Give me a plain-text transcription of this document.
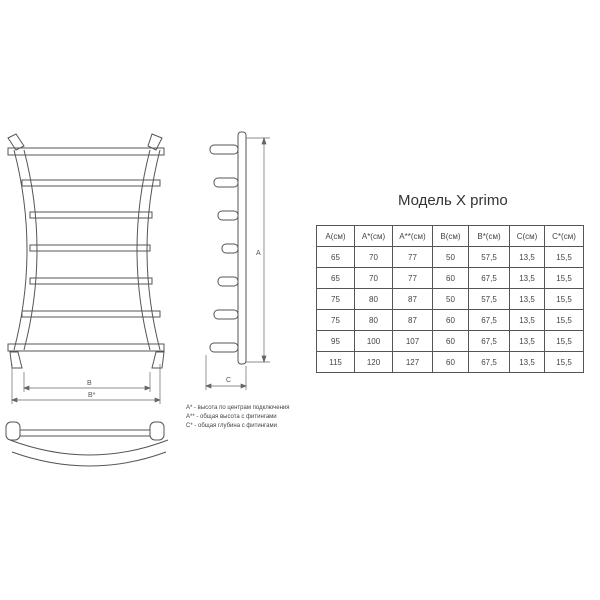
B
B*
A
C
Модель X primo
A(см)	A*(см)	A**(см)	B(см)	B*(см)	C(см)	C*(см)
65	70	77	50	57,5	13,5	15,5
65	70	77	60	67,5	13,5	15,5
75	80	87	50	57,5	13,5	15,5
75	80	87	60	67,5	13,5	15,5
95	100	107	60	67,5	13,5	15,5
115	120	127	60	67,5	13,5	15,5
A* - высота по центрам подключения
A** - общая высота с фитингами
C* - общая глубина с фитингами
